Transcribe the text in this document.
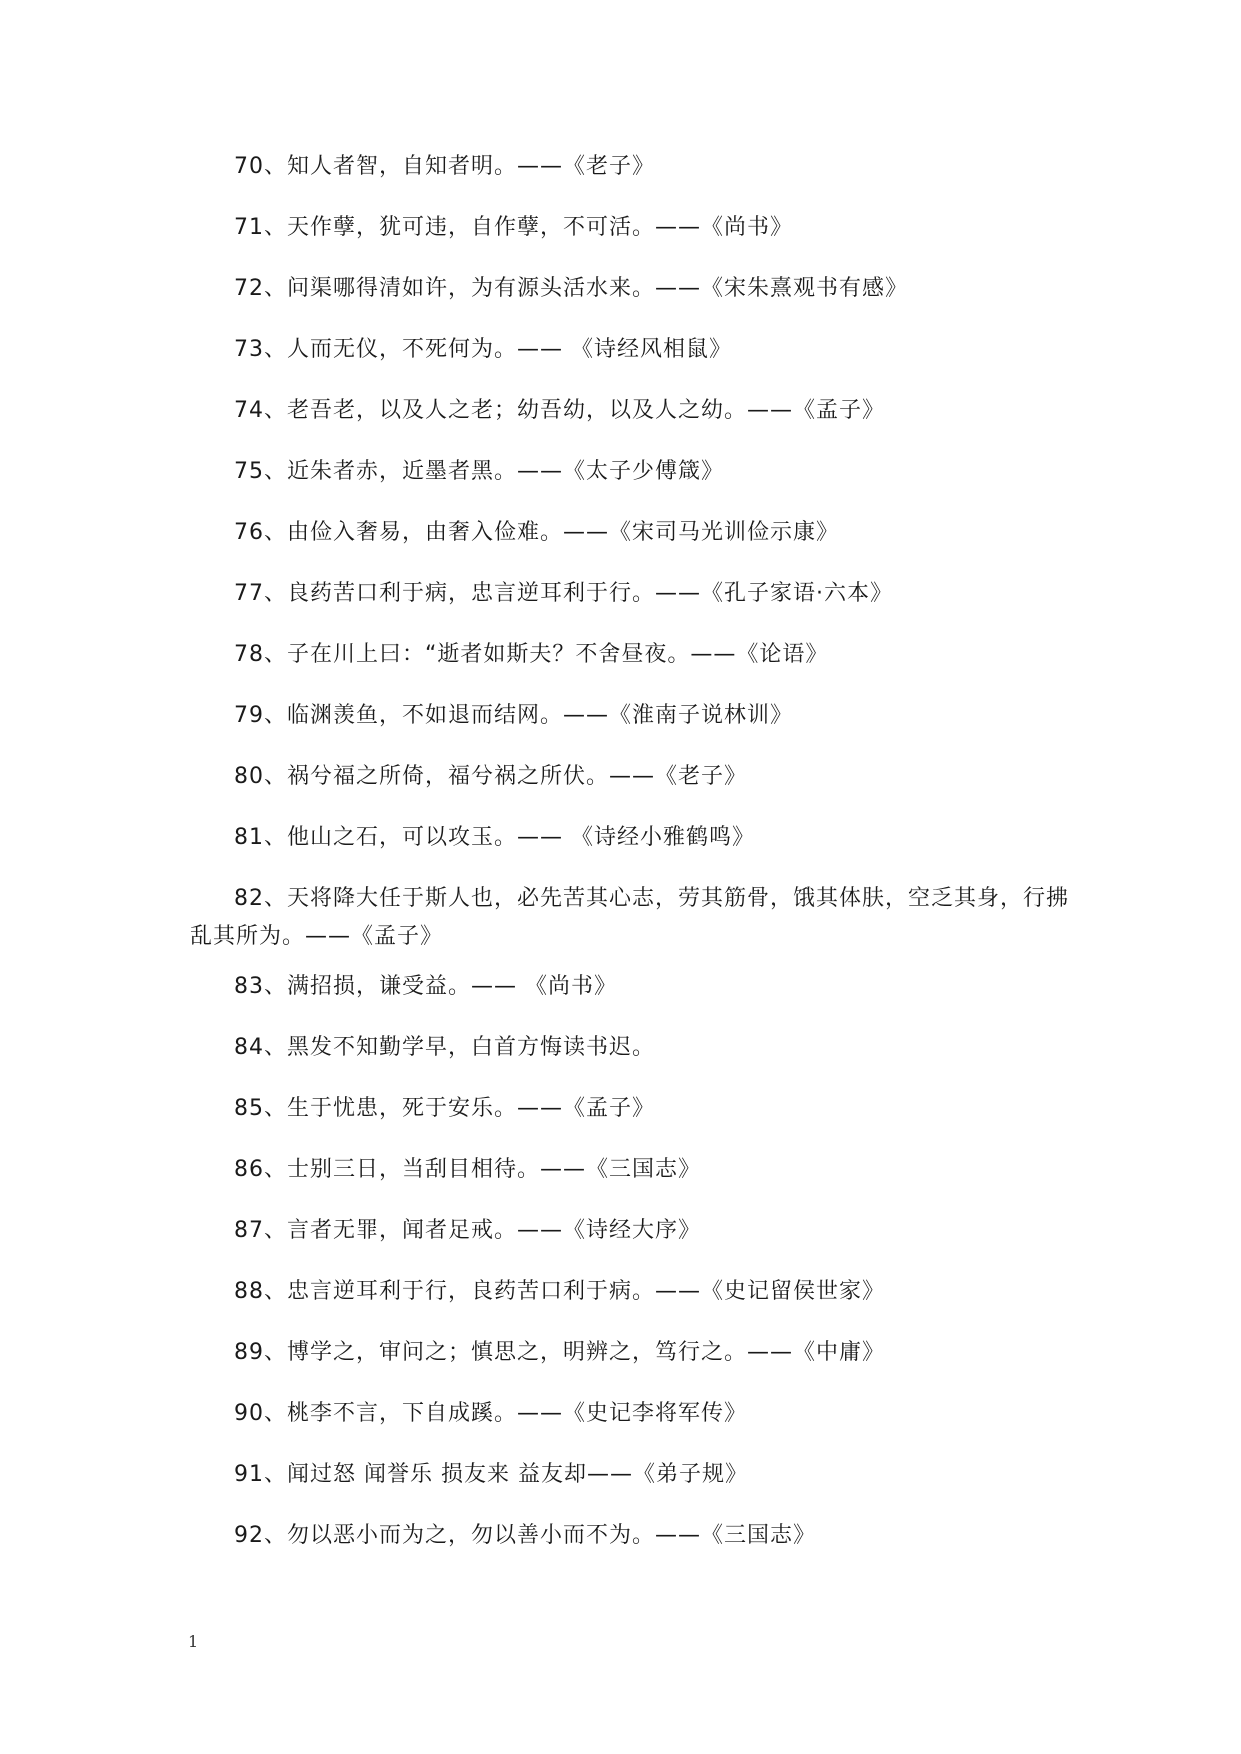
70、知人者智，自知者明。——《老子》

71、天作孽，犹可违，自作孽，不可活。——《尚书》

72、问渠哪得清如许，为有源头活水来。——《宋朱熹观书有感》

73、人而无仪，不死何为。—— 《诗经风相鼠》

74、老吾老，以及人之老；幼吾幼，以及人之幼。——《孟子》

75、近朱者赤，近墨者黑。——《太子少傅箴》

76、由俭入奢易，由奢入俭难。——《宋司马光训俭示康》

77、良药苦口利于病，忠言逆耳利于行。——《孔子家语·六本》

78、子在川上曰：“逝者如斯夫？不舍昼夜。——《论语》

79、临渊羡鱼，不如退而结网。——《淮南子说林训》

80、祸兮福之所倚，福兮祸之所伏。——《老子》

81、他山之石，可以攻玉。—— 《诗经小雅鹤鸣》

82、天将降大任于斯人也，必先苦其心志，劳其筋骨，饿其体肤，空乏其身，行拂乱其所为。——《孟子》

83、满招损，谦受益。—— 《尚书》

84、黑发不知勤学早，白首方悔读书迟。

85、生于忧患，死于安乐。——《孟子》

86、士别三日，当刮目相待。——《三国志》

87、言者无罪，闻者足戒。——《诗经大序》

88、忠言逆耳利于行，良药苦口利于病。——《史记留侯世家》

89、博学之，审问之；慎思之，明辨之，笃行之。——《中庸》

90、桃李不言，下自成蹊。——《史记李将军传》

91、闻过怒 闻誉乐 损友来 益友却——《弟子规》

92、勿以恶小而为之，勿以善小而不为。——《三国志》

1
